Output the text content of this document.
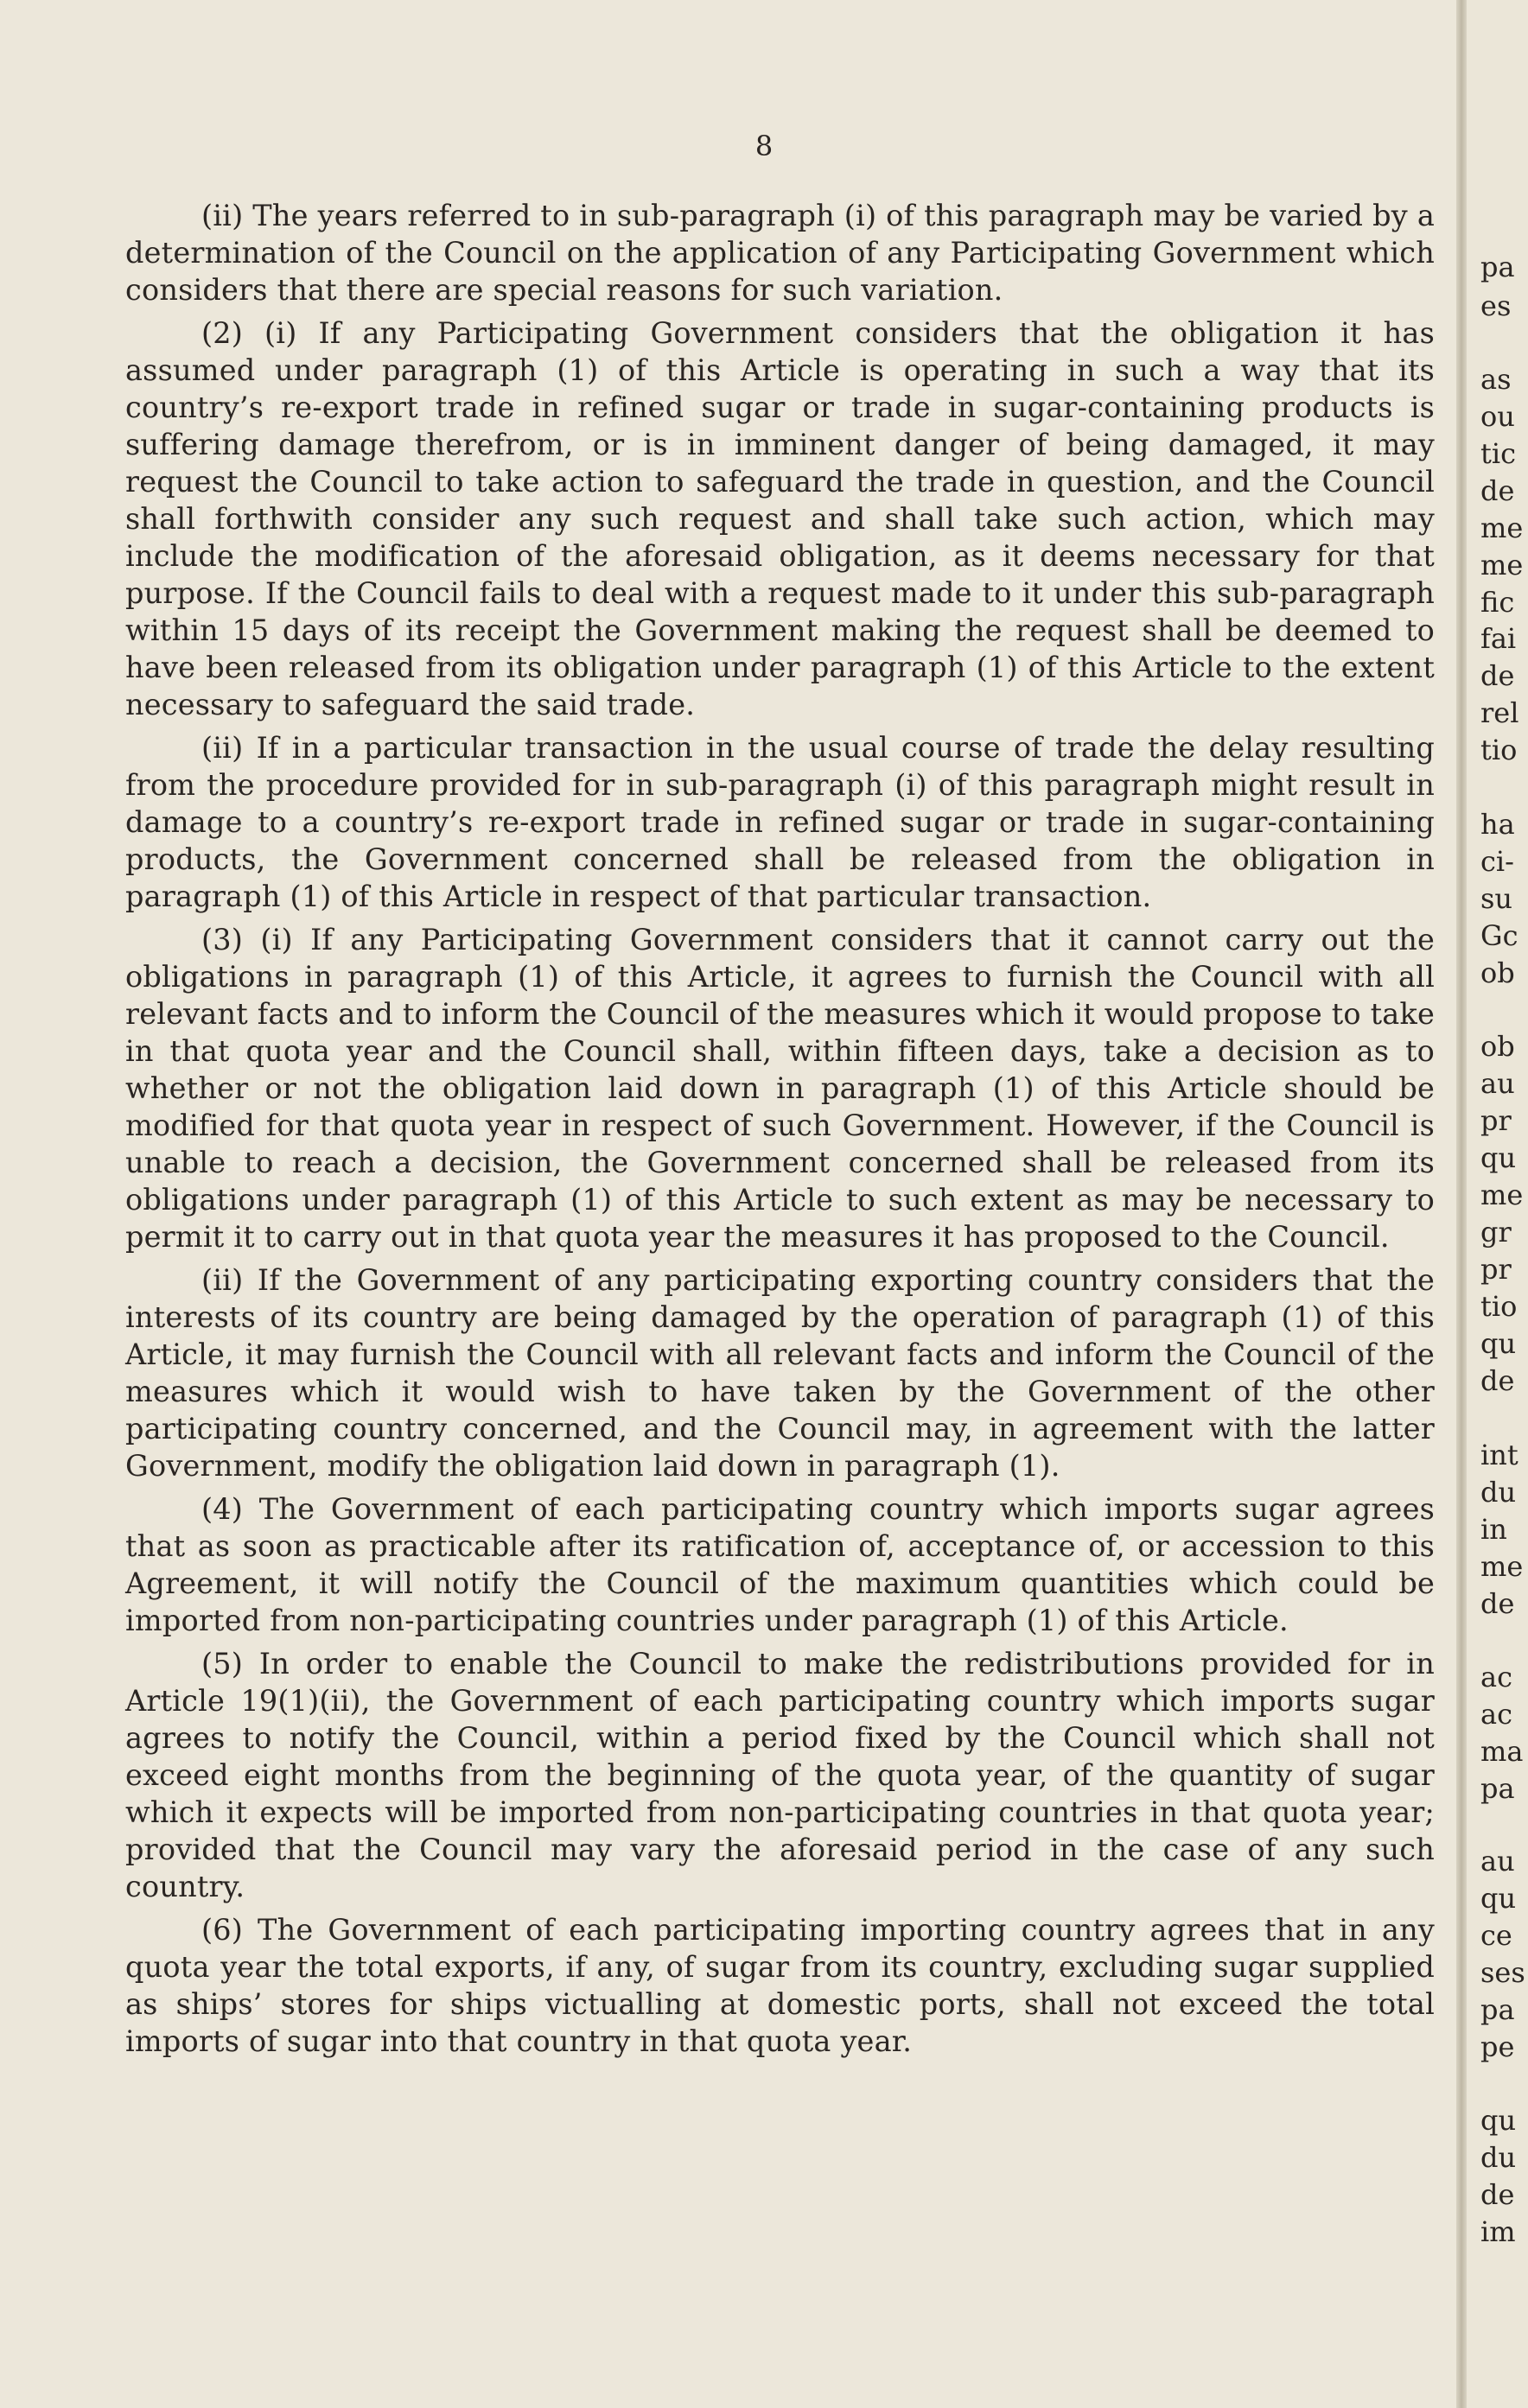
8

(ii) The years referred to in sub-paragraph (i) of this paragraph may be varied by a determination of the Council on the application of any Participating Government which considers that there are special reasons for such variation.

(2) (i) If any Participating Government considers that the obligation it has assumed under paragraph (1) of this Article is operating in such a way that its country’s re-export trade in refined sugar or trade in sugar-containing products is suffering damage therefrom, or is in imminent danger of being damaged, it may request the Council to take action to safeguard the trade in question, and the Council shall forthwith consider any such request and shall take such action, which may include the modification of the aforesaid obligation, as it deems necessary for that purpose. If the Council fails to deal with a request made to it under this sub-paragraph within 15 days of its receipt the Government making the request shall be deemed to have been released from its obligation under paragraph (1) of this Article to the extent necessary to safeguard the said trade.

(ii) If in a particular transaction in the usual course of trade the delay resulting from the procedure provided for in sub-paragraph (i) of this paragraph might result in damage to a country’s re-export trade in refined sugar or trade in sugar-containing products, the Government concerned shall be released from the obligation in paragraph (1) of this Article in respect of that particular transaction.

(3) (i) If any Participating Government considers that it cannot carry out the obligations in paragraph (1) of this Article, it agrees to furnish the Council with all relevant facts and to inform the Council of the measures which it would propose to take in that quota year and the Council shall, within fifteen days, take a decision as to whether or not the obligation laid down in paragraph (1) of this Article should be modified for that quota year in respect of such Government. However, if the Council is unable to reach a decision, the Government concerned shall be released from its obligations under paragraph (1) of this Article to such extent as may be necessary to permit it to carry out in that quota year the measures it has proposed to the Council.

(ii) If the Government of any participating exporting country considers that the interests of its country are being damaged by the operation of paragraph (1) of this Article, it may furnish the Council with all relevant facts and inform the Council of the measures which it would wish to have taken by the Government of the other participating country concerned, and the Council may, in agreement with the latter Government, modify the obligation laid down in paragraph (1).

(4) The Government of each participating country which imports sugar agrees that as soon as practicable after its ratification of, acceptance of, or accession to this Agreement, it will notify the Council of the maximum quantities which could be imported from non-participating countries under paragraph (1) of this Article.

(5) In order to enable the Council to make the redistributions provided for in Article 19(1)(ii), the Government of each participating country which imports sugar agrees to notify the Council, within a period fixed by the Council which shall not exceed eight months from the beginning of the quota year, of the quantity of sugar which it expects will be imported from non-participating countries in that quota year; provided that the Council may vary the aforesaid period in the case of any such country.

(6) The Government of each participating importing country agrees that in any quota year the total exports, if any, of sugar from its country, excluding sugar supplied as ships’ stores for ships victualling at domestic ports, shall not exceed the total imports of sugar into that country in that quota year.

pa
es
as
ou
tic
de
me
me
fic
fai
de
rel
tio
ha
ci-
su
Gc
ob
ob
au
pr
qu
me
gr
pr
tio
qu
de
int
du
in
me
de
ac
ac
ma
pa
au
qu
ce
ses
pa
pe
qu
du
de
im
